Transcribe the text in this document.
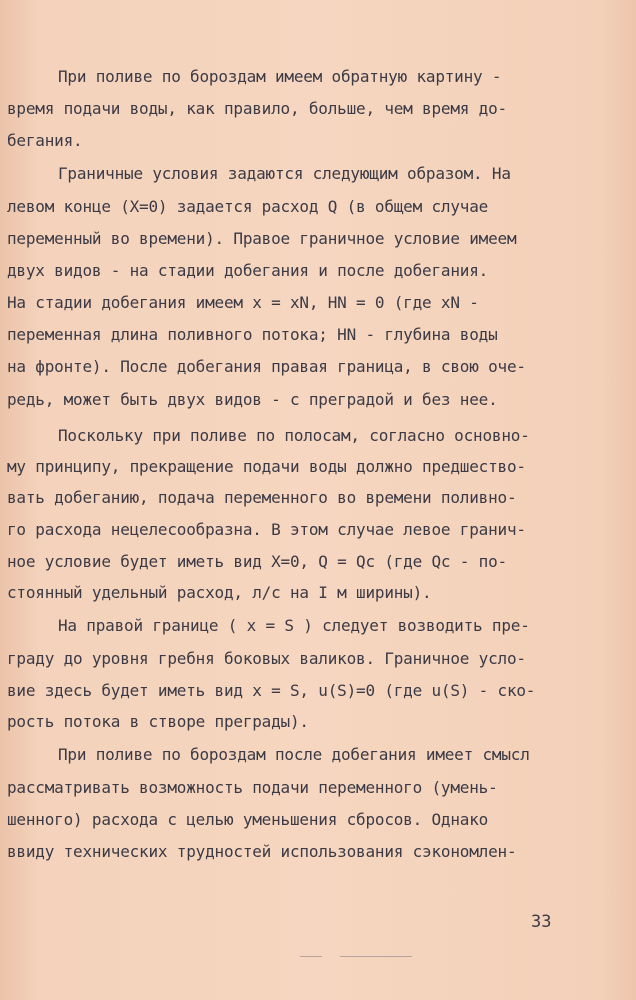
При поливе по бороздам имеем обратную картину -
время подачи воды, как правило, больше, чем время до-
бегания.
Граничные условия задаются следующим образом. На
левом конце (X=0) задается расход Q (в общем случае
переменный во времени). Правое граничное условие имеем
двух видов - на стадии добегания и после добегания.
На стадии добегания имеем x = xN, HN = 0 (где xN -
переменная длина поливного потока; HN - глубина воды
на фронте). После добегания правая граница, в свою оче-
редь, может быть двух видов - с преградой и без нее.
Поскольку при поливе по полосам, согласно основно-
му принципу, прекращение подачи воды должно предшество-
вать добеганию, подача переменного во времени поливно-
го расхода нецелесообразна. В этом случае левое гранич-
ное условие будет иметь вид X=0, Q = Qc (где Qc - по-
стоянный удельный расход, л/с на I м ширины).
На правой границе ( x = S ) следует возводить пре-
граду до уровня гребня боковых валиков. Граничное усло-
вие здесь будет иметь вид x = S, u(S)=0 (где u(S) - ско-
рость потока в створе преграды).
При поливе по бороздам после добегания имеет смысл
рассматривать возможность подачи переменного (умень-
шенного) расхода с целью уменьшения сбросов. Однако
ввиду технических трудностей использования сэкономлен-
33
